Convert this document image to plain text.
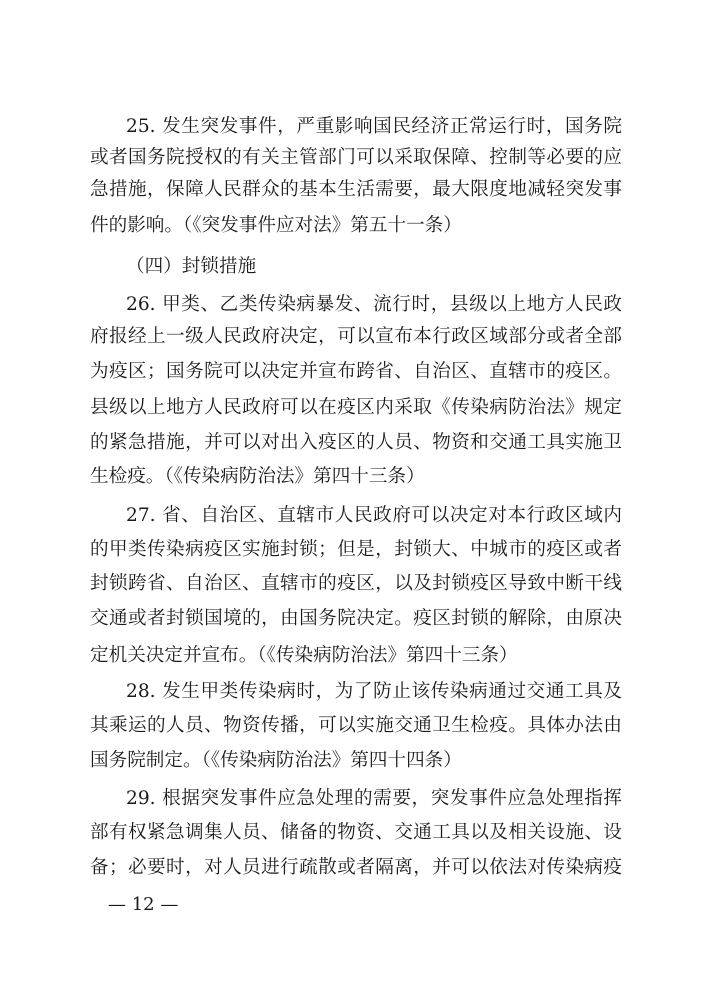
25. 发生突发事件，严重影响国民经济正常运行时，国务院
或者国务院授权的有关主管部门可以采取保障、控制等必要的应
急措施，保障人民群众的基本生活需要，最大限度地减轻突发事
件的影响。（《突发事件应对法》第五十一条）
（四）封锁措施
26. 甲类、乙类传染病暴发、流行时，县级以上地方人民政
府报经上一级人民政府决定，可以宣布本行政区域部分或者全部
为疫区；国务院可以决定并宣布跨省、自治区、直辖市的疫区。
县级以上地方人民政府可以在疫区内采取《传染病防治法》规定
的紧急措施，并可以对出入疫区的人员、物资和交通工具实施卫
生检疫。（《传染病防治法》第四十三条）
27. 省、自治区、直辖市人民政府可以决定对本行政区域内
的甲类传染病疫区实施封锁；但是，封锁大、中城市的疫区或者
封锁跨省、自治区、直辖市的疫区，以及封锁疫区导致中断干线
交通或者封锁国境的，由国务院决定。疫区封锁的解除，由原决
定机关决定并宣布。（《传染病防治法》第四十三条）
28. 发生甲类传染病时，为了防止该传染病通过交通工具及
其乘运的人员、物资传播，可以实施交通卫生检疫。具体办法由
国务院制定。（《传染病防治法》第四十四条）
29. 根据突发事件应急处理的需要，突发事件应急处理指挥
部有权紧急调集人员、储备的物资、交通工具以及相关设施、设
备；必要时，对人员进行疏散或者隔离，并可以依法对传染病疫
— 12 —
